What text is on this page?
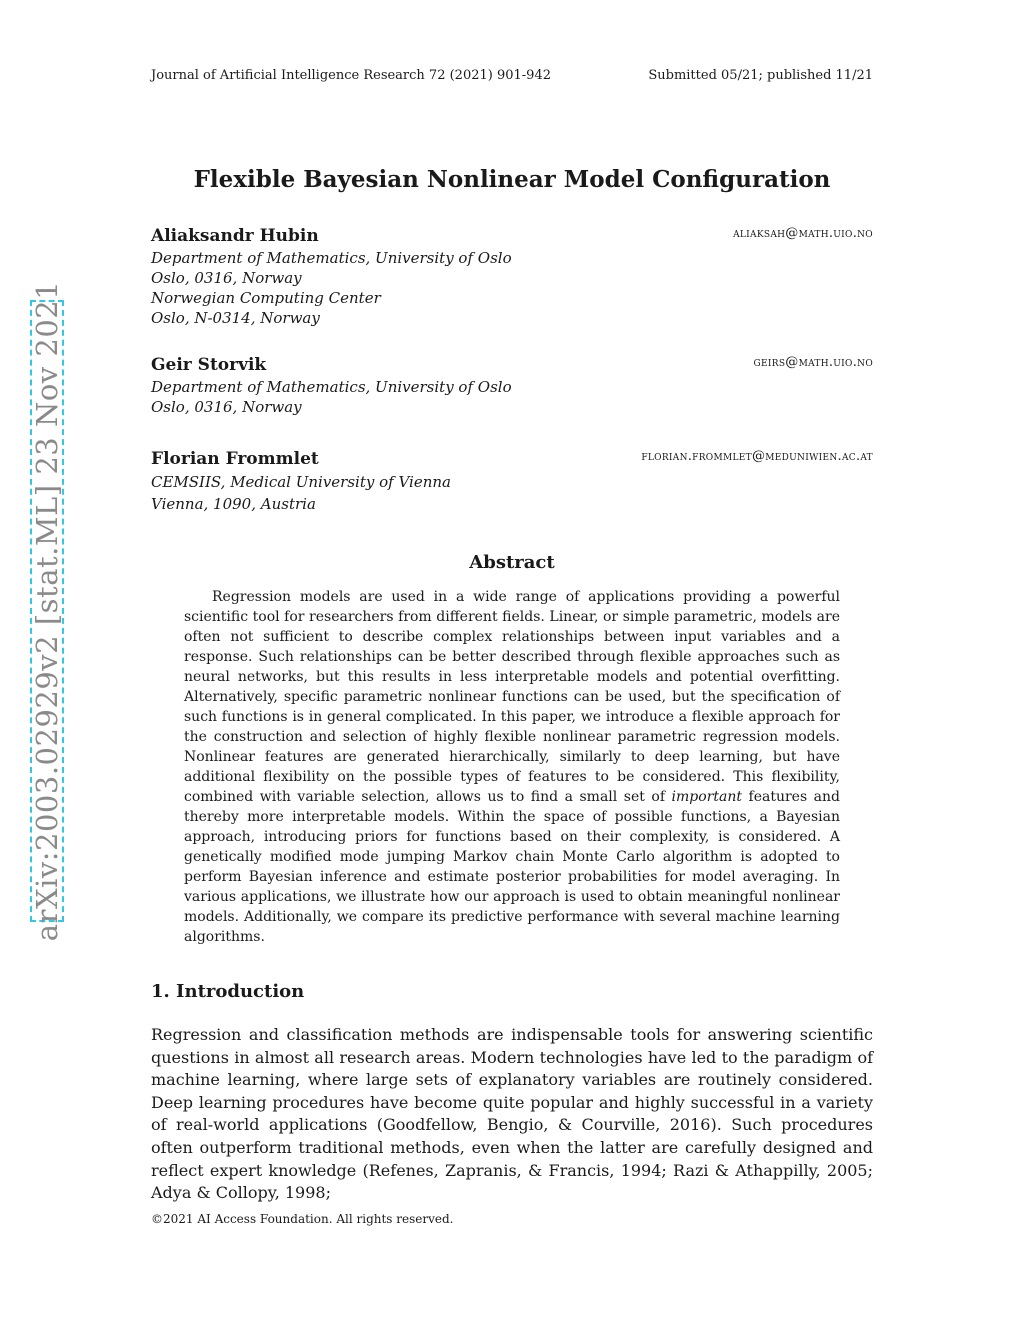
Journal of Artificial Intelligence Research 72 (2021) 901-942	Submitted 05/21; published 11/21
Flexible Bayesian Nonlinear Model Configuration
Aliaksandr Hubin	aliaksah@math.uio.no
Department of Mathematics, University of Oslo
Oslo, 0316, Norway
Norwegian Computing Center
Oslo, N-0314, Norway
Geir Storvik	geirs@math.uio.no
Department of Mathematics, University of Oslo
Oslo, 0316, Norway
Florian Frommlet	florian.frommlet@meduniwien.ac.at
CEMSIIS, Medical University of Vienna
Vienna, 1090, Austria
arXiv:2003.02929v2 [stat.ML] 23 Nov 2021	Abstract

Regression models are used in a wide range of applications providing a powerful scientific tool for researchers from different fields. Linear, or simple parametric, models are often not sufficient to describe complex relationships between input variables and a response. Such relationships can be better described through flexible approaches such as neural networks, but this results in less interpretable models and potential overfitting. Alternatively, specific parametric nonlinear functions can be used, but the specification of such functions is in general complicated. In this paper, we introduce a flexible approach for the construction and selection of highly flexible nonlinear parametric regression models. Nonlinear features are generated hierarchically, similarly to deep learning, but have additional flexibility on the possible types of features to be considered. This flexibility, combined with variable selection, allows us to find a small set of important features and thereby more interpretable models. Within the space of possible functions, a Bayesian approach, introducing priors for functions based on their complexity, is considered. A genetically modified mode jumping Markov chain Monte Carlo algorithm is adopted to perform Bayesian inference and estimate posterior probabilities for model averaging. In various applications, we illustrate how our approach is used to obtain meaningful nonlinear models. Additionally, we compare its predictive performance with several machine learning algorithms.

1. Introduction

Regression and classification methods are indispensable tools for answering scientific questions in almost all research areas. Modern technologies have led to the paradigm of machine learning, where large sets of explanatory variables are routinely considered. Deep learning procedures have become quite popular and highly successful in a variety of real-world applications (Goodfellow, Bengio, & Courville, 2016). Such procedures often outperform traditional methods, even when the latter are carefully designed and reflect expert knowledge (Refenes, Zapranis, & Francis, 1994; Razi & Athappilly, 2005; Adya & Collopy, 1998;

©2021 AI Access Foundation. All rights reserved.
